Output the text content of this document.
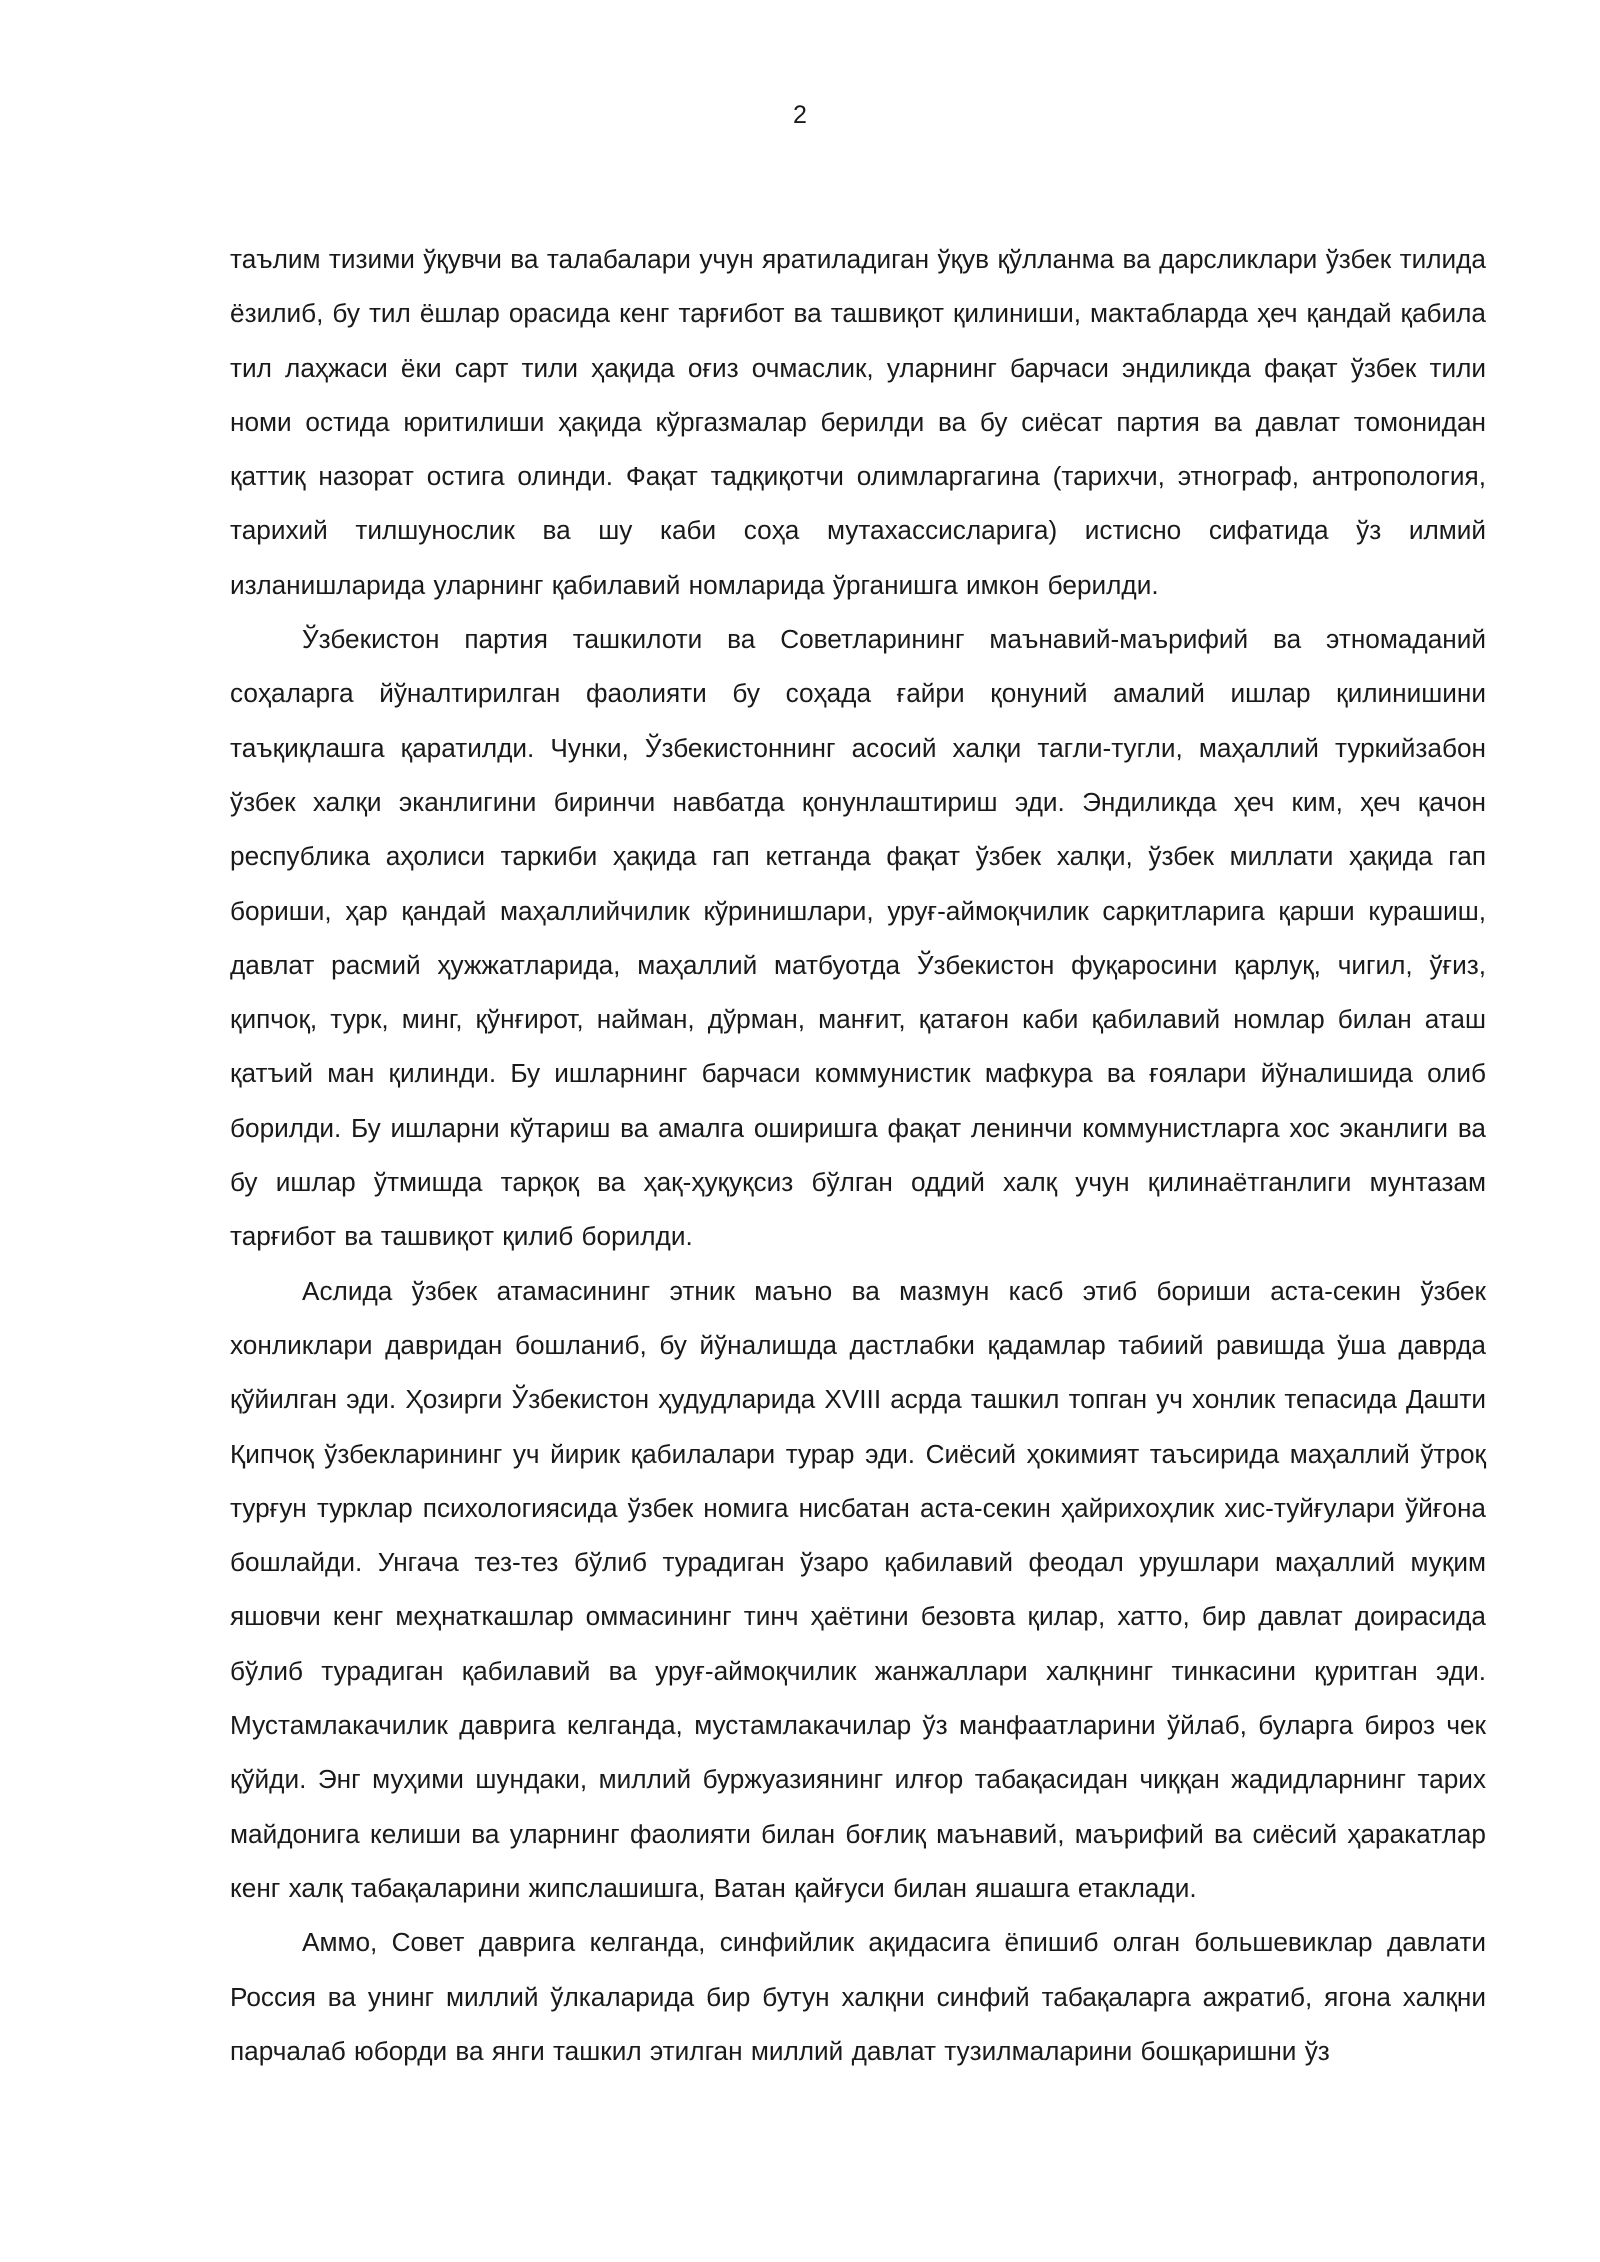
2

таълим тизими ўқувчи ва талабалари учун яратиладиган ўқув қўлланма ва дарсликлари ўзбек тилида ёзилиб, бу тил ёшлар орасида кенг тарғибот ва ташвиқот қилиниши, мактабларда ҳеч қандай қабила тил лаҳжаси ёки сарт тили ҳақида оғиз очмаслик, уларнинг барчаси эндиликда фақат ўзбек тили номи остида юритилиши ҳақида кўргазмалар берилди ва бу сиёсат партия ва давлат томонидан қаттиқ назорат остига олинди. Фақат тадқиқотчи олимларгагина (тарихчи, этнограф, антропология, тарихий тилшунослик ва шу каби соҳа мутахассисларига) истисно сифатида ўз илмий изланишларида уларнинг қабилавий номларида ўрганишга имкон берилди.

Ўзбекистон партия ташкилоти ва Советларининг маънавий-маърифий ва этномаданий соҳаларга йўналтирилган фаолияти бу соҳада ғайри қонуний амалий ишлар қилинишини таъқиқлашга қаратилди. Чунки, Ўзбекистоннинг асосий халқи тагли-тугли, маҳаллий туркийзабон ўзбек халқи эканлигини биринчи навбатда қонунлаштириш эди. Эндиликда ҳеч ким, ҳеч қачон республика аҳолиси таркиби ҳақида гап кетганда фақат ўзбек халқи, ўзбек миллати ҳақида гап бориши, ҳар қандай маҳаллийчилик кўринишлари, уруғ-аймоқчилик сарқитларига қарши курашиш, давлат расмий ҳужжатларида, маҳаллий матбуотда Ўзбекистон фуқаросини қарлуқ, чигил, ўғиз, қипчоқ, турк, минг, қўнғирот, найман, дўрман, манғит, қатағон каби қабилавий номлар билан аташ қатъий ман қилинди. Бу ишларнинг барчаси коммунистик мафкура ва ғоялари йўналишида олиб борилди. Бу ишларни кўтариш ва амалга оширишга фақат ленинчи коммунистларга хос эканлиги ва бу ишлар ўтмишда тарқоқ ва ҳақ-ҳуқуқсиз бўлган оддий халқ учун қилинаётганлиги мунтазам тарғибот ва ташвиқот қилиб борилди.

Аслида ўзбек атамасининг этник маъно ва мазмун касб этиб бориши аста-секин ўзбек хонликлари давридан бошланиб, бу йўналишда дастлабки қадамлар табиий равишда ўша даврда қўйилган эди. Ҳозирги Ўзбекистон ҳудудларида XVIII асрда ташкил топган уч хонлик тепасида Дашти Қипчоқ ўзбекларининг уч йирик қабилалари турар эди. Сиёсий ҳокимият таъсирида маҳаллий ўтроқ турғун турклар психологиясида ўзбек номига нисбатан аста-секин ҳайрихоҳлик хис-туйғулари ўйғона бошлайди. Унгача тез-тез бўлиб турадиган ўзаро қабилавий феодал урушлари маҳаллий муқим яшовчи кенг меҳнаткашлар оммасининг тинч ҳаётини безовта қилар, хатто, бир давлат доирасида бўлиб турадиган қабилавий ва уруғ-аймоқчилик жанжаллари халқнинг тинкасини қуритган эди. Мустамлакачилик даврига келганда, мустамлакачилар ўз манфаатларини ўйлаб, буларга бироз чек қўйди. Энг муҳими шундаки, миллий буржуазиянинг илғор табақасидан чиққан жадидларнинг тарих майдонига келиши ва уларнинг фаолияти билан боғлиқ маънавий, маърифий ва сиёсий ҳаракатлар кенг халқ табақаларини жипслашишга, Ватан қайғуси билан яшашга етаклади.

Аммо, Совет даврига келганда, синфийлик ақидасига ёпишиб олган большевиклар давлати Россия ва унинг миллий ўлкаларида бир бутун халқни синфий табақаларга ажратиб, ягона халқни парчалаб юборди ва янги ташкил этилган миллий давлат тузилмаларини бошқаришни ўз
